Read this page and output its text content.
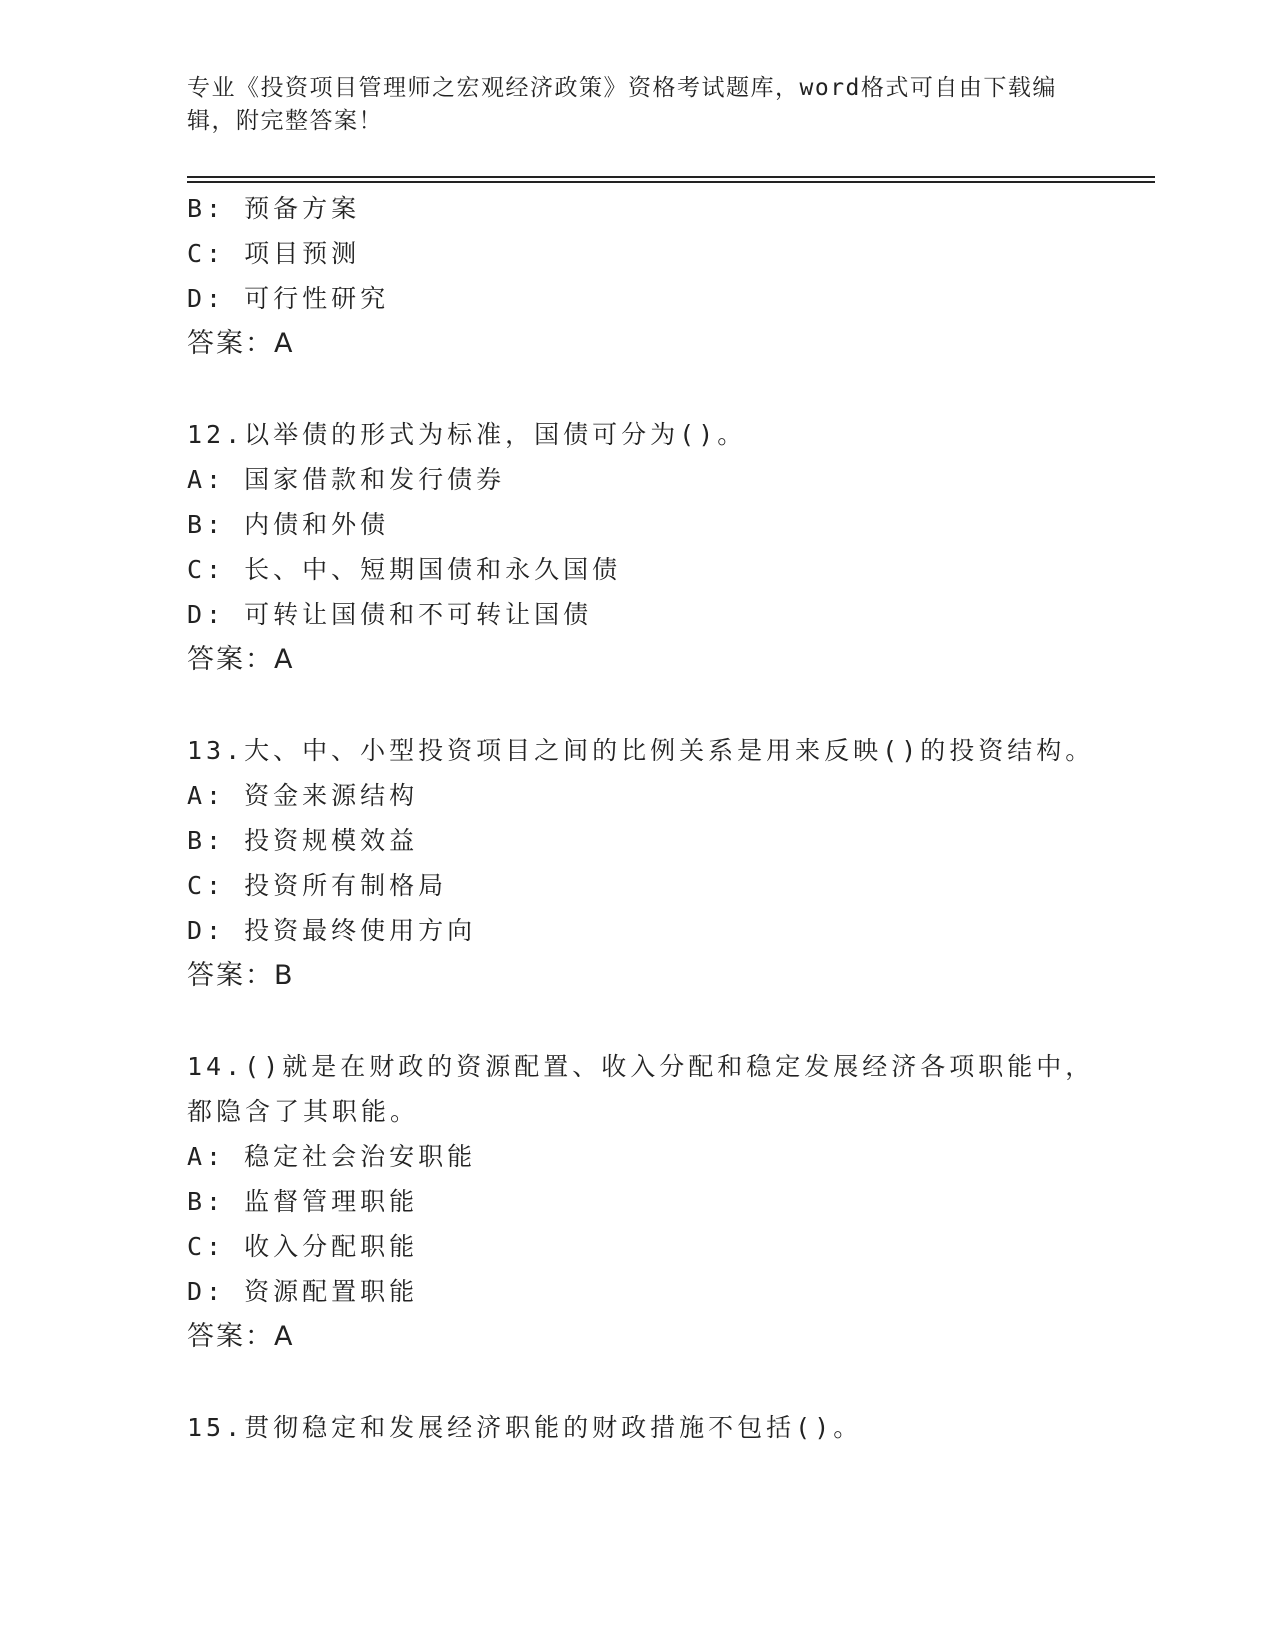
专业《投资项目管理师之宏观经济政策》资格考试题库，word格式可自由下载编
辑，附完整答案！
B: 预备方案
C: 项目预测
D: 可行性研究
答案：A
12.以举债的形式为标准，国债可分为()。
A: 国家借款和发行债券
B: 内债和外债
C: 长、中、短期国债和永久国债
D: 可转让国债和不可转让国债
答案：A
13.大、中、小型投资项目之间的比例关系是用来反映()的投资结构。
A: 资金来源结构
B: 投资规模效益
C: 投资所有制格局
D: 投资最终使用方向
答案：B
14.()就是在财政的资源配置、收入分配和稳定发展经济各项职能中，
都隐含了其职能。
A: 稳定社会治安职能
B: 监督管理职能
C: 收入分配职能
D: 资源配置职能
答案：A
15.贯彻稳定和发展经济职能的财政措施不包括()。
